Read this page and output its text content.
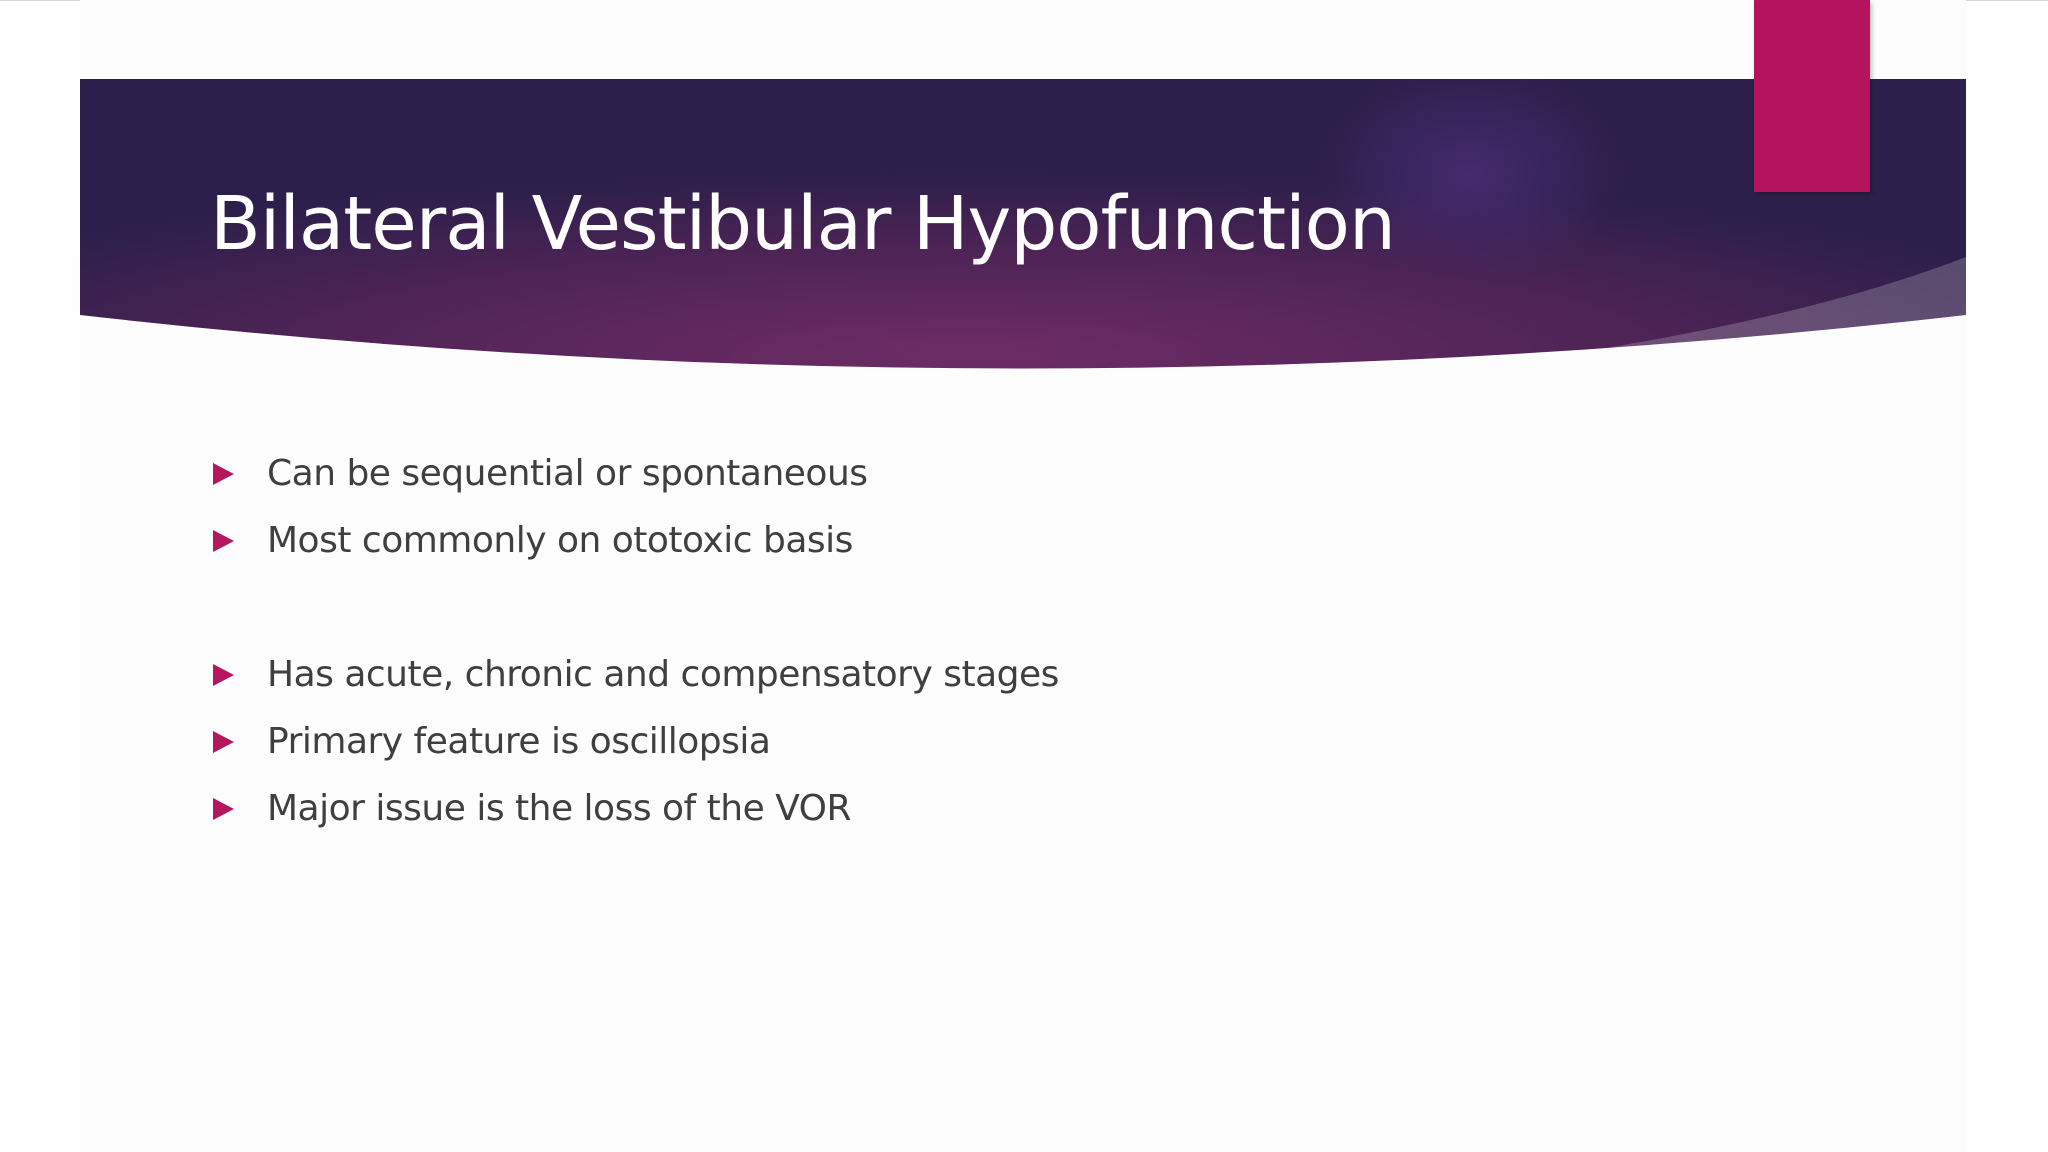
Bilateral Vestibular Hypofunction
Can be sequential or spontaneous
Most commonly on ototoxic basis
Has acute, chronic and compensatory stages
Primary feature is oscillopsia
Major issue is the loss of the VOR
